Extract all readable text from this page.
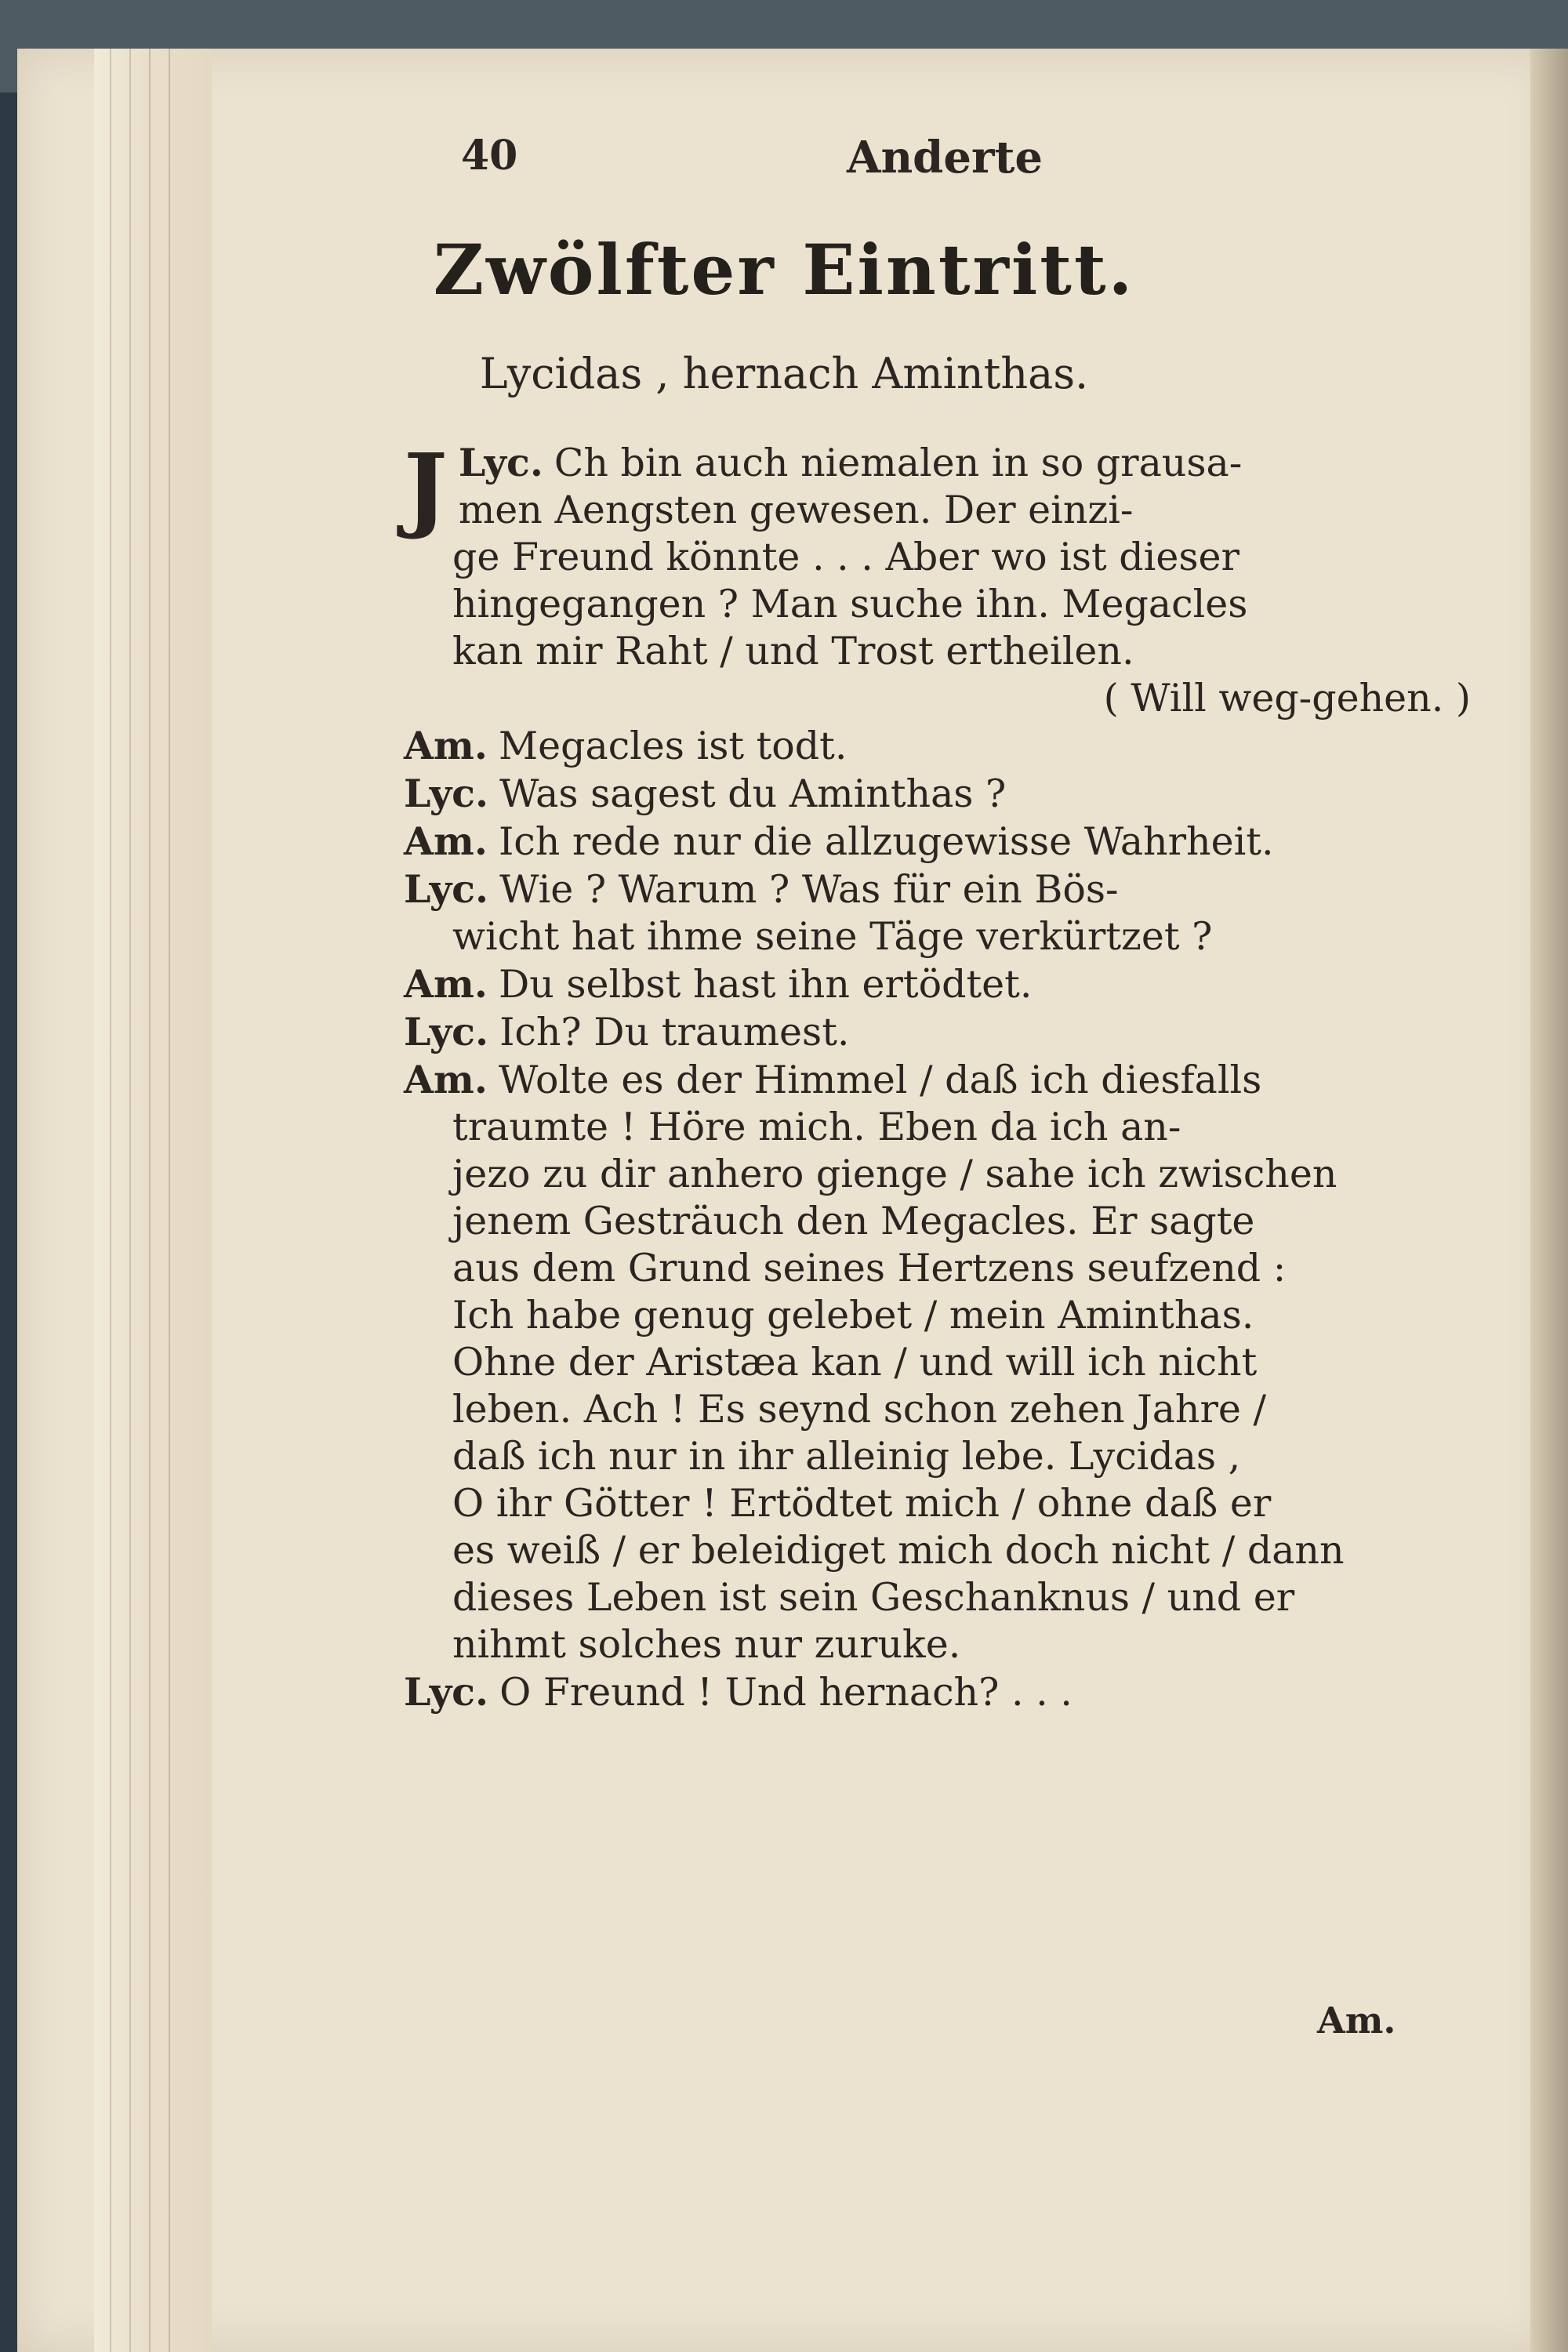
40	Anderte
Zwölfter Eintritt.
Lycidas , hernach Aminthas.
Lyc.
J	Ch bin auch niemalen in so grausa-
men Aengsten gewesen. Der einzi-
ge Freund könnte . . . Aber wo ist dieser
hingegangen ? Man suche ihn. Megacles
kan mir Raht / und Trost ertheilen.
( Will weg-gehen. )
Am. Megacles ist todt.
Lyc. Was sagest du Aminthas ?
Am. Ich rede nur die allzugewisse Wahrheit.
Lyc. Wie ? Warum ? Was für ein Bös-
wicht hat ihme seine Täge verkürtzet ?
Am. Du selbst hast ihn ertödtet.
Lyc. Ich? Du traumest.
Am. Wolte es der Himmel / daß ich diesfalls
traumte ! Höre mich. Eben da ich an-
jezo zu dir anhero gienge / sahe ich zwischen
jenem Gesträuch den Megacles. Er sagte
aus dem Grund seines Hertzens seufzend :
Ich habe genug gelebet / mein Aminthas.
Ohne der Aristæa kan / und will ich nicht
leben. Ach ! Es seynd schon zehen Jahre /
daß ich nur in ihr alleinig lebe. Lycidas ,
O ihr Götter ! Ertödtet mich / ohne daß er
es weiß / er beleidiget mich doch nicht / dann
dieses Leben ist sein Geschanknus / und er
nihmt solches nur zuruke.
Lyc. O Freund ! Und hernach? . . .
Am.
